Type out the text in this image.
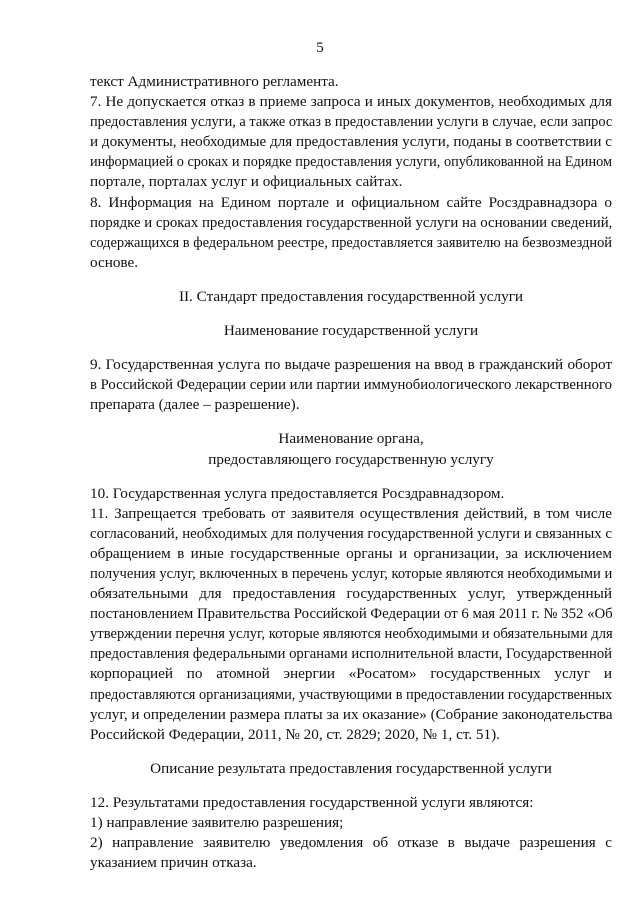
5
текст Административного регламента.
7. Не допускается отказ в приеме запроса и иных документов, необходимых для
предоставления услуги, а также отказ в предоставлении услуги в случае, если запрос
и документы, необходимые для предоставления услуги, поданы в соответствии с
информацией о сроках и порядке предоставления услуги, опубликованной на Едином
портале, порталах услуг и официальных сайтах.
8. Информация на Едином портале и официальном сайте Росздравнадзора о
порядке и сроках предоставления государственной услуги на основании сведений,
содержащихся в федеральном реестре, предоставляется заявителю на безвозмездной
основе.
II. Стандарт предоставления государственной услуги
Наименование государственной услуги
9. Государственная услуга по выдаче разрешения на ввод в гражданский оборот
в Российской Федерации серии или партии иммунобиологического лекарственного
препарата (далее – разрешение).
Наименование органа,
предоставляющего государственную услугу
10. Государственная услуга предоставляется Росздравнадзором.
11. Запрещается требовать от заявителя осуществления действий, в том числе
согласований, необходимых для получения государственной услуги и связанных с
обращением в иные государственные органы и организации, за исключением
получения услуг, включенных в перечень услуг, которые являются необходимыми и
обязательными для предоставления государственных услуг, утвержденный
постановлением Правительства Российской Федерации от 6 мая 2011 г. № 352 «Об
утверждении перечня услуг, которые являются необходимыми и обязательными для
предоставления федеральными органами исполнительной власти, Государственной
корпорацией по атомной энергии «Росатом» государственных услуг и
предоставляются организациями, участвующими в предоставлении государственных
услуг, и определении размера платы за их оказание» (Собрание законодательства
Российской Федерации, 2011, № 20, ст. 2829; 2020, № 1, ст. 51).
Описание результата предоставления государственной услуги
12. Результатами предоставления государственной услуги являются:
1) направление заявителю разрешения;
2) направление заявителю уведомления об отказе в выдаче разрешения с
указанием причин отказа.
